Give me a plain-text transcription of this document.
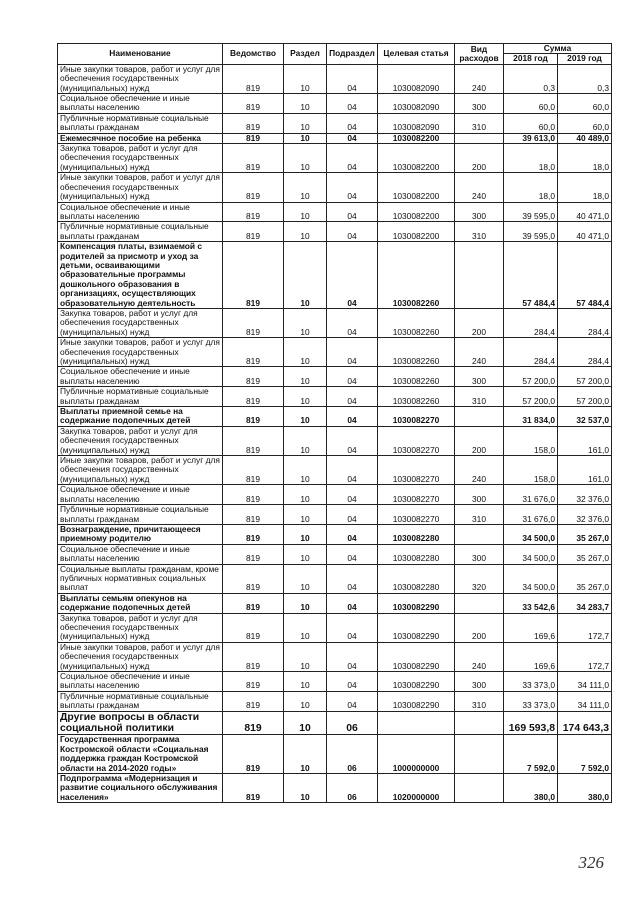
Наименование	Ведомство	Раздел	Подраздел	Целевая статья	Вид расходов	Сумма	
						2018 год	2019 год
Иные закупки товаров, работ и услуг для обеспечения государственных (муниципальных) нужд	819	10	04	1030082090	240	0,3	0,3
Социальное обеспечение и иные выплаты населению	819	10	04	1030082090	300	60,0	60,0
Публичные нормативные социальные выплаты гражданам	819	10	04	1030082090	310	60,0	60,0
Ежемесячное пособие на ребенка	819	10	04	1030082200		39 613,0	40 489,0
Закупка товаров, работ и услуг для обеспечения государственных (муниципальных) нужд	819	10	04	1030082200	200	18,0	18,0
Иные закупки товаров, работ и услуг для обеспечения государственных (муниципальных) нужд	819	10	04	1030082200	240	18,0	18,0
Социальное обеспечение и иные выплаты населению	819	10	04	1030082200	300	39 595,0	40 471,0
Публичные нормативные социальные выплаты гражданам	819	10	04	1030082200	310	39 595,0	40 471,0
Компенсация платы, взимаемой с родителей за присмотр и уход за детьми, осваивающими образовательные программы дошкольного образования в организациях, осуществляющих образовательную деятельность	819	10	04	1030082260		57 484,4	57 484,4
Закупка товаров, работ и услуг для обеспечения государственных (муниципальных) нужд	819	10	04	1030082260	200	284,4	284,4
Иные закупки товаров, работ и услуг для обеспечения государственных (муниципальных) нужд	819	10	04	1030082260	240	284,4	284,4
Социальное обеспечение и иные выплаты населению	819	10	04	1030082260	300	57 200,0	57 200,0
Публичные нормативные социальные выплаты гражданам	819	10	04	1030082260	310	57 200,0	57 200,0
Выплаты приемной семье на содержание подопечных детей	819	10	04	1030082270		31 834,0	32 537,0
Закупка товаров, работ и услуг для обеспечения государственных (муниципальных) нужд	819	10	04	1030082270	200	158,0	161,0
Иные закупки товаров, работ и услуг для обеспечения государственных (муниципальных) нужд	819	10	04	1030082270	240	158,0	161,0
Социальное обеспечение и иные выплаты населению	819	10	04	1030082270	300	31 676,0	32 376,0
Публичные нормативные социальные выплаты гражданам	819	10	04	1030082270	310	31 676,0	32 376,0
Вознаграждение, причитающееся приемному родителю	819	10	04	1030082280		34 500,0	35 267,0
Социальное обеспечение и иные выплаты населению	819	10	04	1030082280	300	34 500,0	35 267,0
Социальные выплаты гражданам, кроме публичных нормативных социальных выплат	819	10	04	1030082280	320	34 500,0	35 267,0
Выплаты семьям опекунов на содержание подопечных детей	819	10	04	1030082290		33 542,6	34 283,7
Закупка товаров, работ и услуг для обеспечения государственных (муниципальных) нужд	819	10	04	1030082290	200	169,6	172,7
Иные закупки товаров, работ и услуг для обеспечения государственных (муниципальных) нужд	819	10	04	1030082290	240	169,6	172,7
Социальное обеспечение и иные выплаты населению	819	10	04	1030082290	300	33 373,0	34 111,0
Публичные нормативные социальные выплаты гражданам	819	10	04	1030082290	310	33 373,0	34 111,0
Другие вопросы в области социальной политики	819	10	06			169 593,8	174 643,3
Государственная программа Костромской области «Социальная поддержка граждан Костромской области на 2014-2020 годы»	819	10	06	1000000000		7 592,0	7 592,0
Подпрограмма «Модернизация и развитие социального обслуживания населения»	819	10	06	1020000000		380,0	380,0
326
